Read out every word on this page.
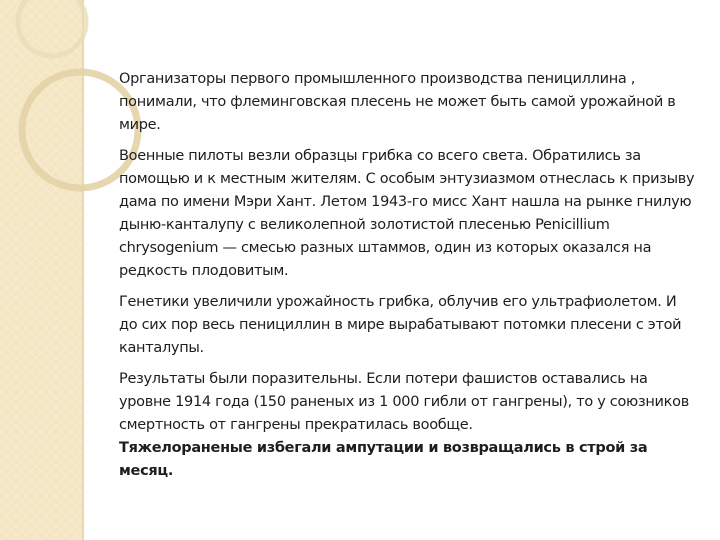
Организаторы первого промышленного производства пенициллина , понимали, что флеминговская плесень не может быть самой урожайной в мире.

Военные пилоты везли образцы грибка со всего света. Обратились за помощью и к местным жителям. С особым энтузиазмом отнеслась к призыву дама по имени Мэри Хант. Летом 1943-го мисс Хант нашла на рынке гнилую дыню-канталупу с великолепной золотистой плесенью Penicillium chrysogenium — смесью разных штаммов, один из которых оказался на редкость плодовитым.

Генетики увеличили урожайность грибка, облучив его ультрафиолетом. И до сих пор весь пенициллин в мире вырабатывают потомки плесени с этой канталупы.

Результаты были поразительны. Если потери фашистов оставались на уровне 1914 года (150 раненых из 1 000 гибли от гангрены), то у союзников смертность от гангрены прекратилась вообще.
Тяжелораненые избегали ампутации и возвращались в строй за месяц.
